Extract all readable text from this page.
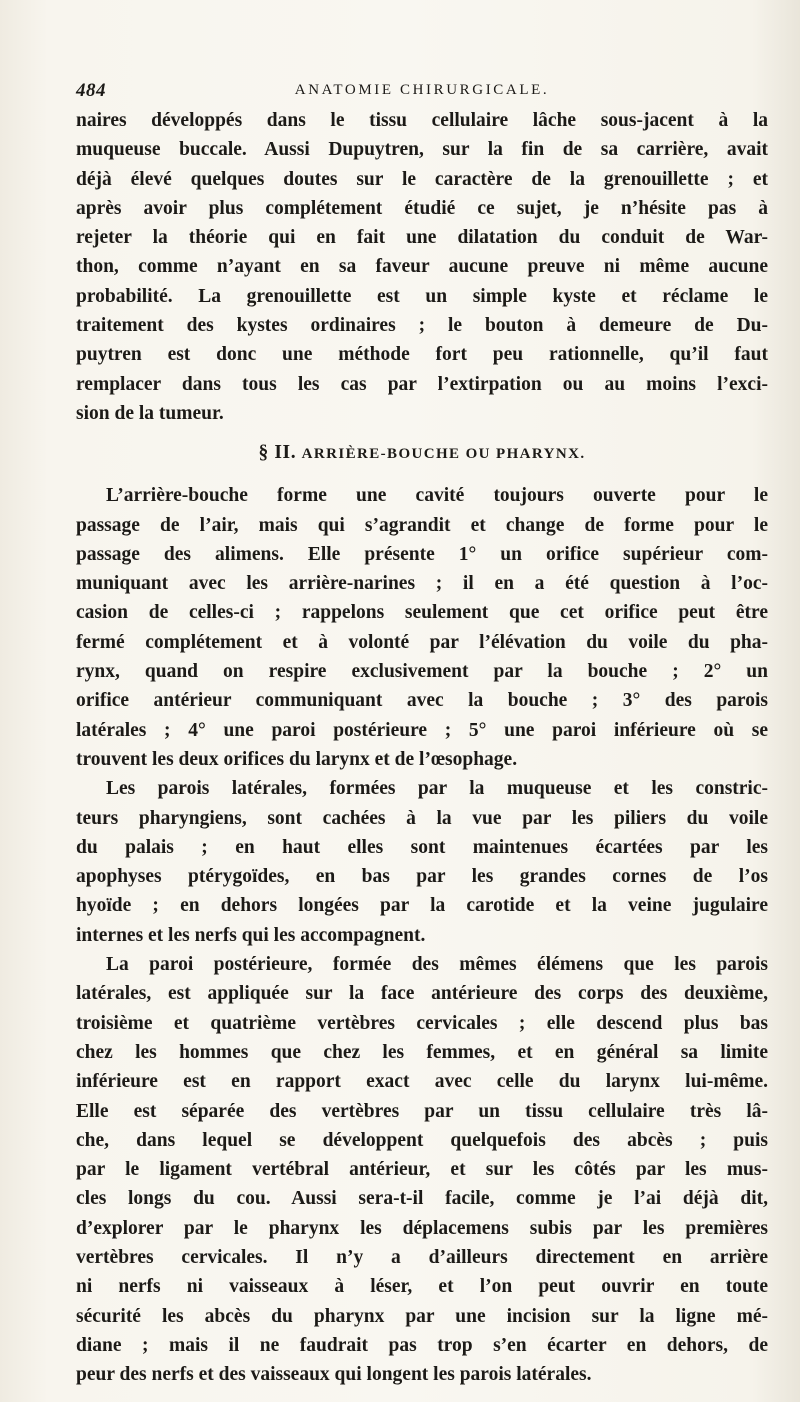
484	ANATOMIE CHIRURGICALE.
naires développés dans le tissu cellulaire lâche sous-jacent à la
muqueuse buccale. Aussi Dupuytren, sur la fin de sa carrière, avait
déjà élevé quelques doutes sur le caractère de la grenouillette ; et
après avoir plus complétement étudié ce sujet, je n’hésite pas à
rejeter la théorie qui en fait une dilatation du conduit de War-
thon, comme n’ayant en sa faveur aucune preuve ni même aucune
probabilité. La grenouillette est un simple kyste et réclame le
traitement des kystes ordinaires ; le bouton à demeure de Du-
puytren est donc une méthode fort peu rationnelle, qu’il faut
remplacer dans tous les cas par l’extirpation ou au moins l’exci-
sion de la tumeur.
§ II. ARRIÈRE-BOUCHE OU PHARYNX.
L’arrière-bouche forme une cavité toujours ouverte pour le
passage de l’air, mais qui s’agrandit et change de forme pour le
passage des alimens. Elle présente 1° un orifice supérieur com-
muniquant avec les arrière-narines ; il en a été question à l’oc-
casion de celles-ci ; rappelons seulement que cet orifice peut être
fermé complétement et à volonté par l’élévation du voile du pha-
rynx, quand on respire exclusivement par la bouche ; 2° un
orifice antérieur communiquant avec la bouche ; 3° des parois
latérales ; 4° une paroi postérieure ; 5° une paroi inférieure où se
trouvent les deux orifices du larynx et de l’œsophage.
Les parois latérales, formées par la muqueuse et les constric-
teurs pharyngiens, sont cachées à la vue par les piliers du voile
du palais ; en haut elles sont maintenues écartées par les
apophyses ptérygoïdes, en bas par les grandes cornes de l’os
hyoïde ; en dehors longées par la carotide et la veine jugulaire
internes et les nerfs qui les accompagnent.
La paroi postérieure, formée des mêmes élémens que les parois
latérales, est appliquée sur la face antérieure des corps des deuxième,
troisième et quatrième vertèbres cervicales ; elle descend plus bas
chez les hommes que chez les femmes, et en général sa limite
inférieure est en rapport exact avec celle du larynx lui-même.
Elle est séparée des vertèbres par un tissu cellulaire très lâ-
che, dans lequel se développent quelquefois des abcès ; puis
par le ligament vertébral antérieur, et sur les côtés par les mus-
cles longs du cou. Aussi sera-t-il facile, comme je l’ai déjà dit,
d’explorer par le pharynx les déplacemens subis par les premières
vertèbres cervicales. Il n’y a d’ailleurs directement en arrière
ni nerfs ni vaisseaux à léser, et l’on peut ouvrir en toute
sécurité les abcès du pharynx par une incision sur la ligne mé-
diane ; mais il ne faudrait pas trop s’en écarter en dehors, de
peur des nerfs et des vaisseaux qui longent les parois latérales.
